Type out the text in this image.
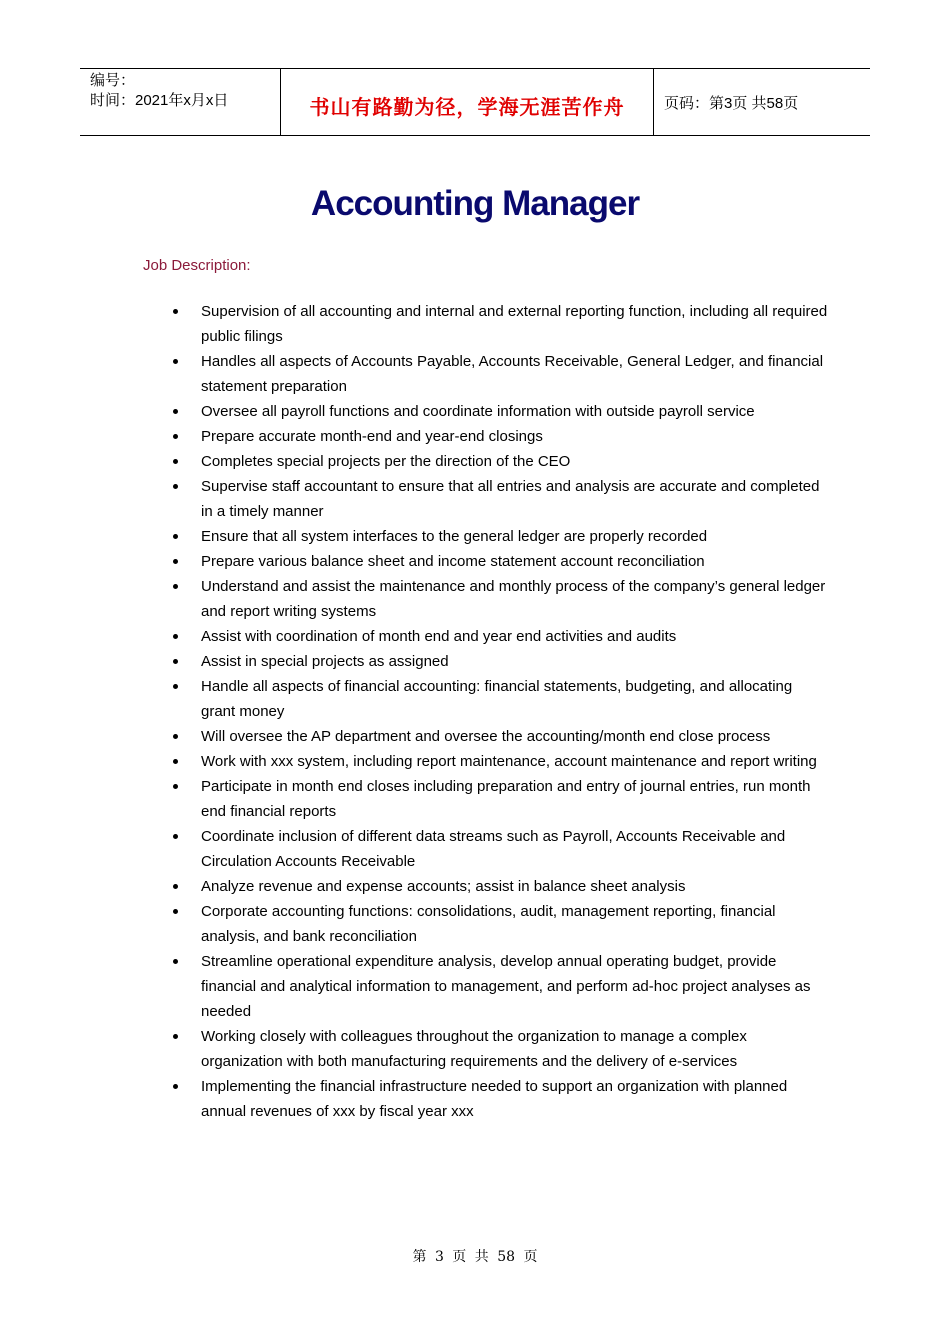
编号：
时间：2021年x月x日	书山有路勤为径，学海无涯苦作舟	页码：第3页 共58页
Accounting Manager
Job Description:
Supervision of all accounting and internal and external reporting function, including all required public filings
Handles all aspects of Accounts Payable, Accounts Receivable, General Ledger, and financial statement preparation
Oversee all payroll functions and coordinate information with outside payroll service
Prepare accurate month-end and year-end closings
Completes special projects per the direction of the CEO
Supervise staff accountant to ensure that all entries and analysis are accurate and completed in a timely manner
Ensure that all system interfaces to the general ledger are properly recorded
Prepare various balance sheet and income statement account reconciliation
Understand and assist the maintenance and monthly process of the company’s general ledger and report writing systems
Assist with coordination of month end and year end activities and audits
Assist in special projects as assigned
Handle all aspects of financial accounting: financial statements, budgeting, and allocating grant money
Will oversee the AP department and oversee the accounting/month end close process
Work with xxx system, including report maintenance, account maintenance and report writing
Participate in month end closes including preparation and entry of journal entries, run month end financial reports
Coordinate inclusion of different data streams such as Payroll, Accounts Receivable and Circulation Accounts Receivable
Analyze revenue and expense accounts; assist in balance sheet analysis
Corporate accounting functions: consolidations, audit, management reporting, financial analysis, and bank reconciliation
Streamline operational expenditure analysis, develop annual operating budget, provide financial and analytical information to management, and perform ad-hoc project analyses as needed
Working closely with colleagues throughout the organization to manage a complex organization with both manufacturing requirements and the delivery of e-services
Implementing the financial infrastructure needed to support an organization with planned annual revenues of xxx by fiscal year xxx
第 3 页 共 58 页
